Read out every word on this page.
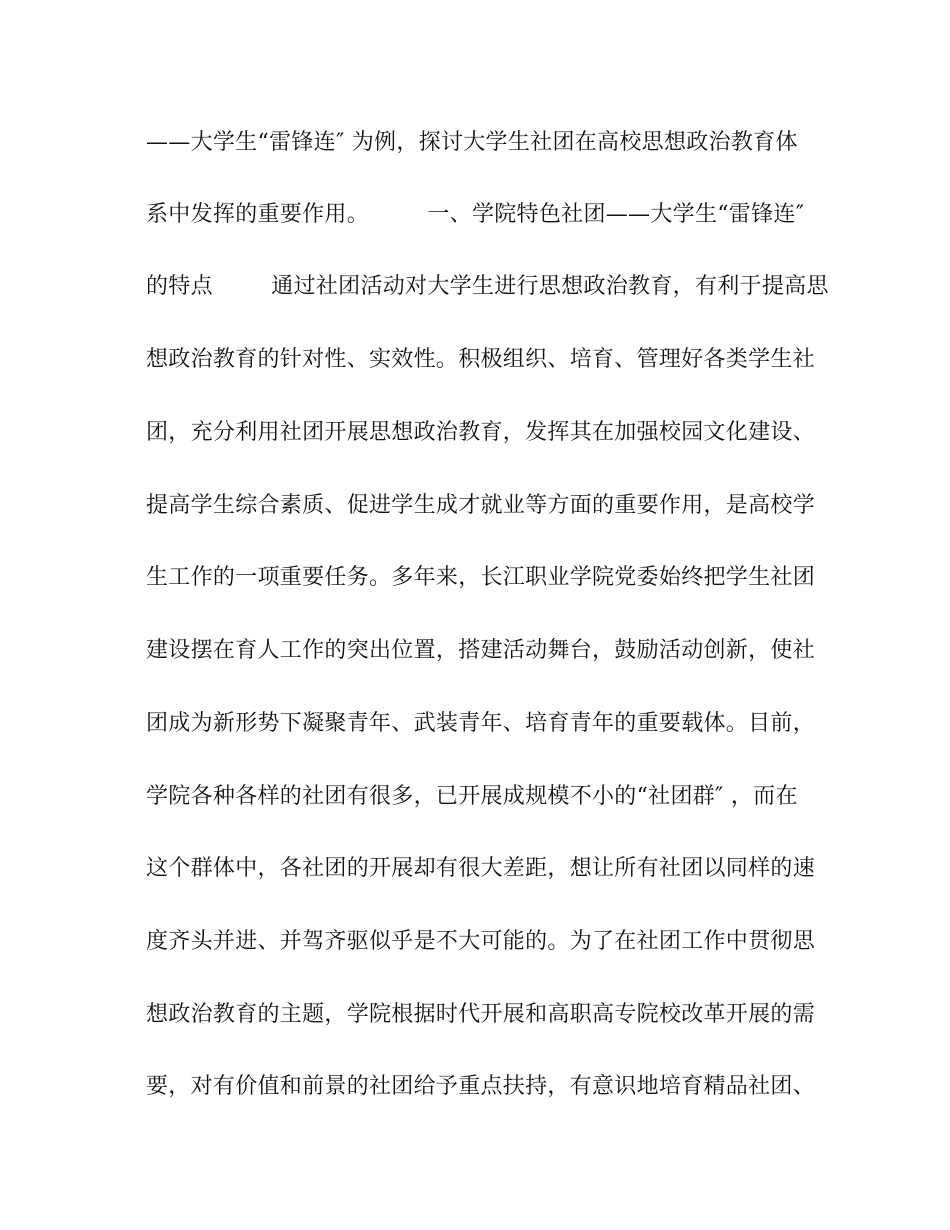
——大学生“雷锋连″ 为例，探讨大学生社团在高校思想政治教育体
系中发挥的重要作用。        一、学院特色社团——大学生“雷锋连″
的特点        通过社团活动对大学生进行思想政治教育，有利于提高思
想政治教育的针对性、实效性。积极组织、培育、管理好各类学生社
团，充分利用社团开展思想政治教育，发挥其在加强校园文化建设、
提高学生综合素质、促进学生成才就业等方面的重要作用，是高校学
生工作的一项重要任务。多年来，长江职业学院党委始终把学生社团
建设摆在育人工作的突出位置，搭建活动舞台，鼓励活动创新，使社
团成为新形势下凝聚青年、武装青年、培育青年的重要载体。目前，
学院各种各样的社团有很多，已开展成规模不小的“社团群″ ，而在
这个群体中，各社团的开展却有很大差距，想让所有社团以同样的速
度齐头并进、并驾齐驱似乎是不大可能的。为了在社团工作中贯彻思
想政治教育的主题，学院根据时代开展和高职高专院校改革开展的需
要，对有价值和前景的社团给予重点扶持，有意识地培育精品社团、
